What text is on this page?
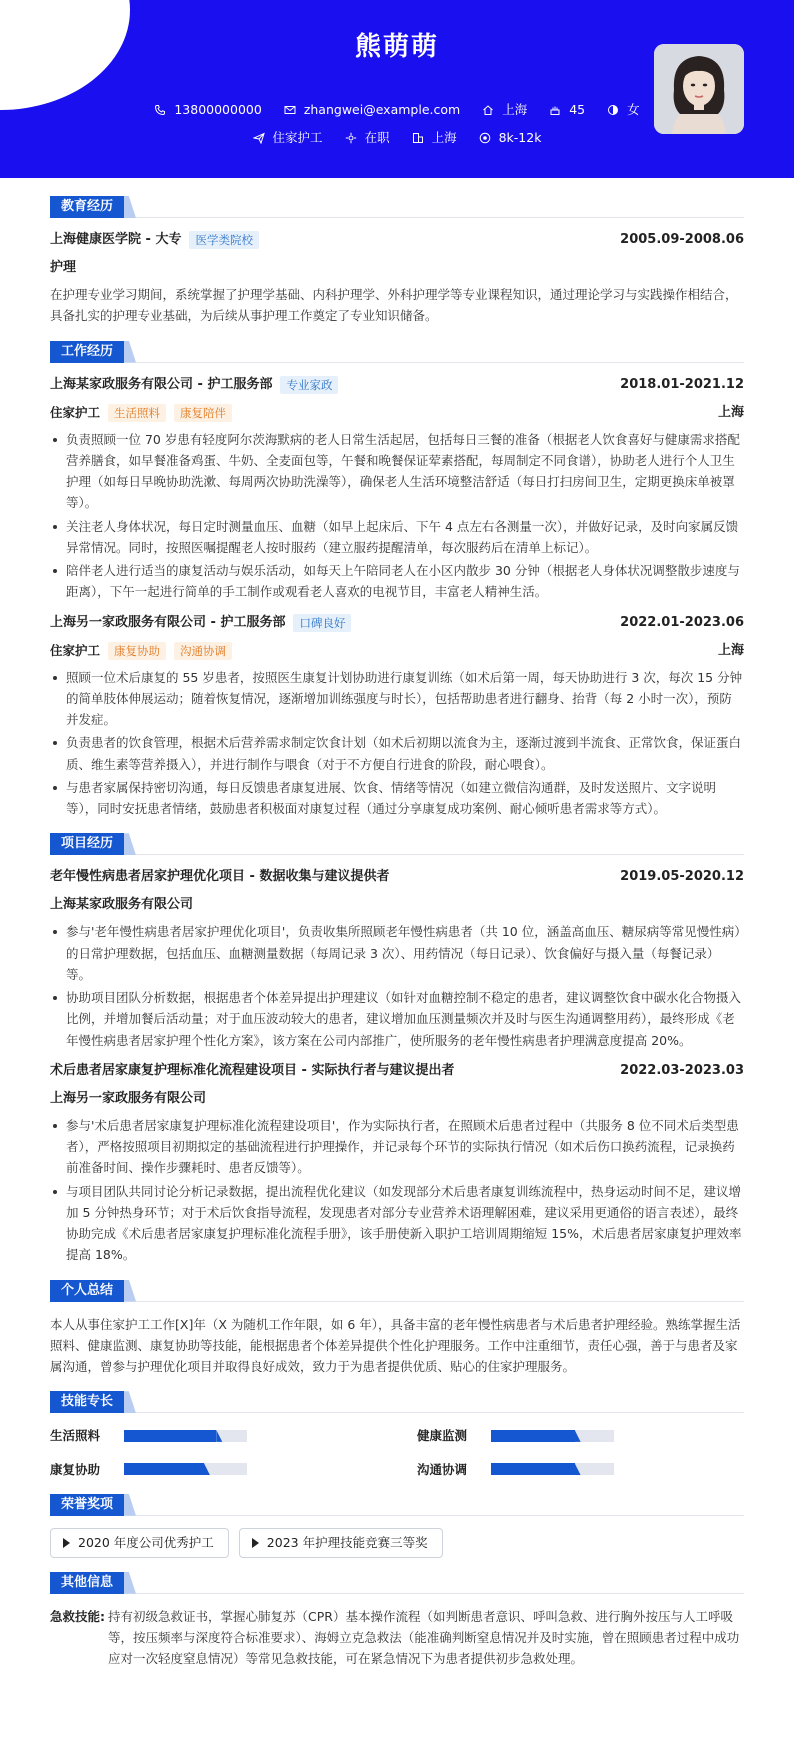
熊萌萌
13800000000	zhangwei@example.com	上海	45	女
住家护工	在职	上海	8k-12k
教育经历
上海健康医学院 - 大专	医学类院校	2005.09-2008.06
护理
在护理专业学习期间，系统掌握了护理学基础、内科护理学、外科护理学等专业课程知识，通过理论学习与实践操作相结合，具备扎实的护理专业基础，为后续从事护理工作奠定了专业知识储备。
工作经历
上海某家政服务有限公司 - 护工服务部	专业家政	2018.01-2021.12
住家护工	生活照料	康复陪伴	上海
负责照顾一位 70 岁患有轻度阿尔茨海默病的老人日常生活起居，包括每日三餐的准备（根据老人饮食喜好与健康需求搭配营养膳食，如早餐准备鸡蛋、牛奶、全麦面包等，午餐和晚餐保证荤素搭配，每周制定不同食谱），协助老人进行个人卫生护理（如每日早晚协助洗漱、每周两次协助洗澡等），确保老人生活环境整洁舒适（每日打扫房间卫生，定期更换床单被罩等）。
关注老人身体状况，每日定时测量血压、血糖（如早上起床后、下午 4 点左右各测量一次），并做好记录，及时向家属反馈异常情况。同时，按照医嘱提醒老人按时服药（建立服药提醒清单，每次服药后在清单上标记）。
陪伴老人进行适当的康复活动与娱乐活动，如每天上午陪同老人在小区内散步 30 分钟（根据老人身体状况调整散步速度与距离），下午一起进行简单的手工制作或观看老人喜欢的电视节目，丰富老人精神生活。
上海另一家政服务有限公司 - 护工服务部	口碑良好	2022.01-2023.06
住家护工	康复协助	沟通协调	上海
照顾一位术后康复的 55 岁患者，按照医生康复计划协助进行康复训练（如术后第一周，每天协助进行 3 次，每次 15 分钟的简单肢体伸展运动；随着恢复情况，逐渐增加训练强度与时长），包括帮助患者进行翻身、抬背（每 2 小时一次），预防并发症。
负责患者的饮食管理，根据术后营养需求制定饮食计划（如术后初期以流食为主，逐渐过渡到半流食、正常饮食，保证蛋白质、维生素等营养摄入），并进行制作与喂食（对于不方便自行进食的阶段，耐心喂食）。
与患者家属保持密切沟通，每日反馈患者康复进展、饮食、情绪等情况（如建立微信沟通群，及时发送照片、文字说明等），同时安抚患者情绪，鼓励患者积极面对康复过程（通过分享康复成功案例、耐心倾听患者需求等方式）。
项目经历
老年慢性病患者居家护理优化项目 - 数据收集与建议提供者	2019.05-2020.12
上海某家政服务有限公司
参与'老年慢性病患者居家护理优化项目'，负责收集所照顾老年慢性病患者（共 10 位，涵盖高血压、糖尿病等常见慢性病）的日常护理数据，包括血压、血糖测量数据（每周记录 3 次）、用药情况（每日记录）、饮食偏好与摄入量（每餐记录）等。
协助项目团队分析数据，根据患者个体差异提出护理建议（如针对血糖控制不稳定的患者，建议调整饮食中碳水化合物摄入比例，并增加餐后活动量；对于血压波动较大的患者，建议增加血压测量频次并及时与医生沟通调整用药），最终形成《老年慢性病患者居家护理个性化方案》，该方案在公司内部推广，使所服务的老年慢性病患者护理满意度提高 20%。
术后患者居家康复护理标准化流程建设项目 - 实际执行者与建议提出者	2022.03-2023.03
上海另一家政服务有限公司
参与'术后患者居家康复护理标准化流程建设项目'，作为实际执行者，在照顾术后患者过程中（共服务 8 位不同术后类型患者），严格按照项目初期拟定的基础流程进行护理操作，并记录每个环节的实际执行情况（如术后伤口换药流程，记录换药前准备时间、操作步骤耗时、患者反馈等）。
与项目团队共同讨论分析记录数据，提出流程优化建议（如发现部分术后患者康复训练流程中，热身运动时间不足，建议增加 5 分钟热身环节；对于术后饮食指导流程，发现患者对部分专业营养术语理解困难，建议采用更通俗的语言表述），最终协助完成《术后患者居家康复护理标准化流程手册》，该手册使新入职护工培训周期缩短 15%，术后患者居家康复护理效率提高 18%。
个人总结
本人从事住家护工工作[X]年（X 为随机工作年限，如 6 年），具备丰富的老年慢性病患者与术后患者护理经验。熟练掌握生活照料、健康监测、康复协助等技能，能根据患者个体差异提供个性化护理服务。工作中注重细节，责任心强，善于与患者及家属沟通，曾参与护理优化项目并取得良好成效，致力于为患者提供优质、贴心的住家护理服务。
技能专长
生活照料	健康监测
康复协助	沟通协调
荣誉奖项
2020 年度公司优秀护工	2023 年护理技能竞赛三等奖
其他信息
急救技能: 持有初级急救证书，掌握心肺复苏（CPR）基本操作流程（如判断患者意识、呼叫急救、进行胸外按压与人工呼吸等，按压频率与深度符合标准要求）、海姆立克急救法（能准确判断窒息情况并及时实施，曾在照顾患者过程中成功应对一次轻度窒息情况）等常见急救技能，可在紧急情况下为患者提供初步急救处理。
